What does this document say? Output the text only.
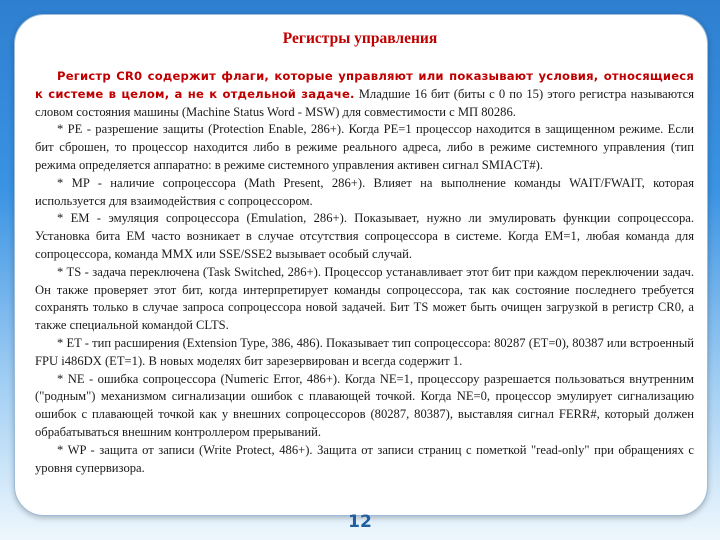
Регистры управления

Регистр CR0 содержит флаги, которые управляют или показывают условия, относящиеся к системе в целом, а не к отдельной задаче. Младшие 16 бит (биты с 0 по 15) этого регистра называются словом состояния машины (Machine Status Word - MSW) для совместимости с МП 80286.

* PE - разрешение защиты (Protection Enable, 286+). Когда PE=1 процессор находится в защищенном режиме. Если бит сброшен, то процессор находится либо в режиме реального адреса, либо в режиме системного управления (тип режима определяется аппаратно: в режиме системного управления активен сигнал SMIACT#).

* MP - наличие сопроцессора (Math Present, 286+). Влияет на выполнение команды WAIT/FWAIT, которая используется для взаимодействия с сопроцессором.

* EM - эмуляция сопроцессора (Emulation, 286+). Показывает, нужно ли эмулировать функции сопроцессора. Установка бита EM часто возникает в случае отсутствия сопроцессора в системе. Когда EM=1, любая команда для сопроцессора, команда MMX или SSE/SSE2 вызывает особый случай.

* TS - задача переключена (Task Switched, 286+). Процессор устанавливает этот бит при каждом переключении задач. Он также проверяет этот бит, когда интерпретирует команды сопроцессора, так как состояние последнего требуется сохранять только в случае запроса сопроцессора новой задачей. Бит TS может быть очищен загрузкой в регистр CR0, а также специальной командой CLTS.

* ET - тип расширения (Extension Type, 386, 486). Показывает тип сопроцессора: 80287 (ET=0), 80387 или встроенный FPU i486DX (ET=1). В новых моделях бит зарезервирован и всегда содержит 1.

* NE - ошибка сопроцессора (Numeric Error, 486+). Когда NE=1, процессору разрешается пользоваться внутренним ("родным") механизмом сигнализации ошибок с плавающей точкой. Когда NE=0, процессор эмулирует сигнализацию ошибок с плавающей точкой как у внешних сопроцессоров (80287, 80387), выставляя сигнал FERR#, который должен обрабатываться внешним контроллером прерываний.

* WP - защита от записи (Write Protect, 486+). Защита от записи страниц с пометкой "read-only" при обращениях с уровня супервизора.

12
